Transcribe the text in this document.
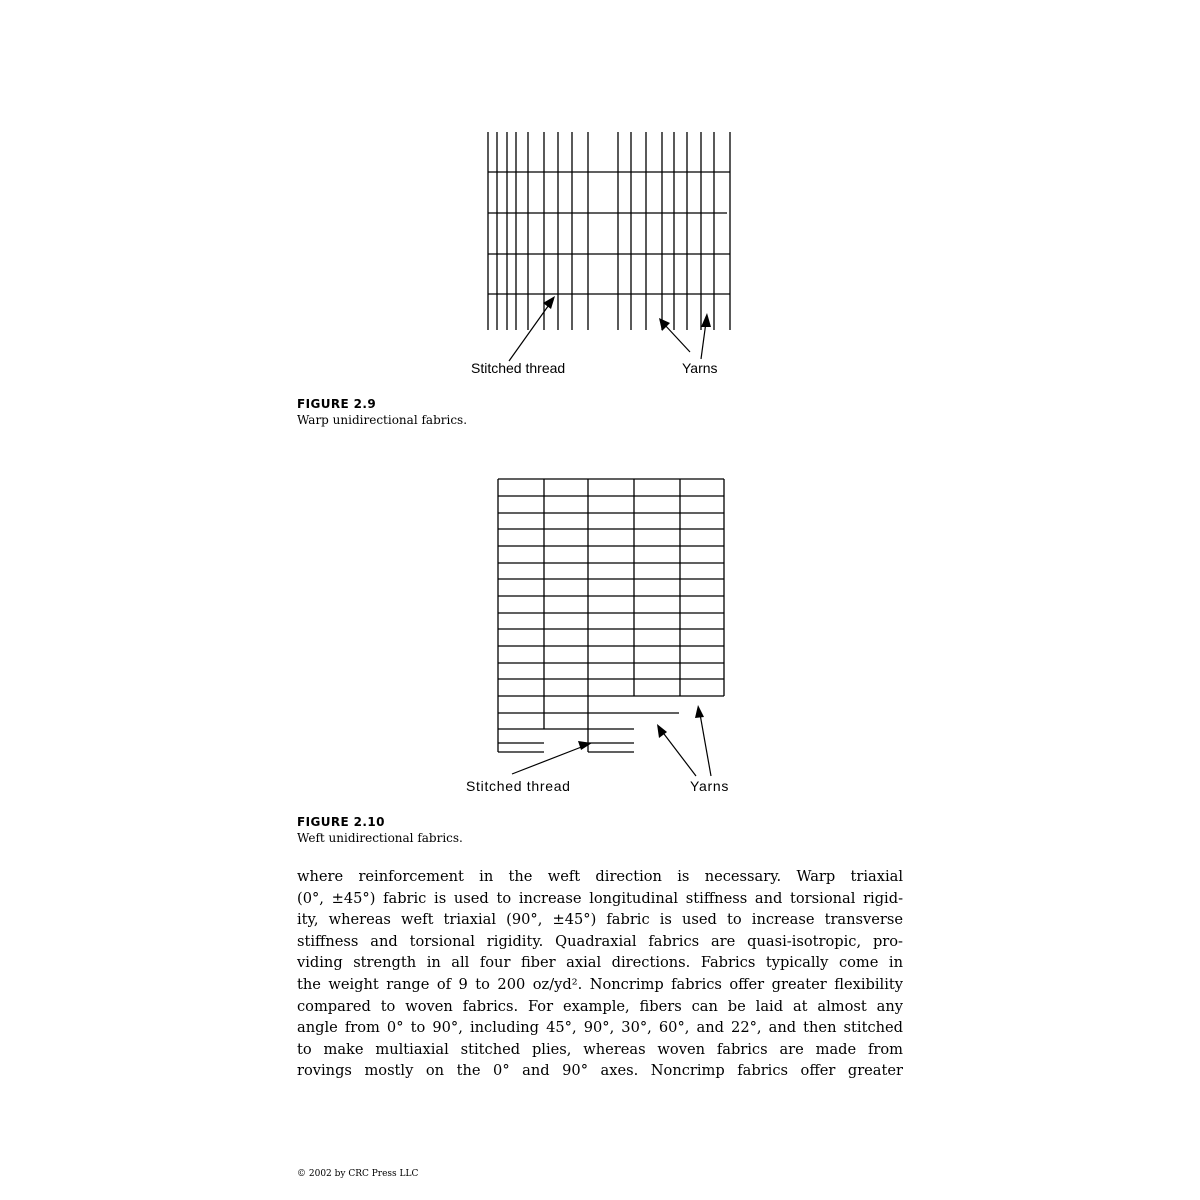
Stitched thread	Yarns
FIGURE 2.9
Warp unidirectional fabrics.
Stitched thread	Yarns
FIGURE 2.10
Weft unidirectional fabrics.
where reinforcement in the weft direction is necessary. Warp triaxial
(0°, ±45°) fabric is used to increase longitudinal stiffness and torsional rigid-
ity, whereas weft triaxial (90°, ±45°) fabric is used to increase transverse
stiffness and torsional rigidity. Quadraxial fabrics are quasi-isotropic, pro-
viding strength in all four fiber axial directions. Fabrics typically come in
the weight range of 9 to 200 oz/yd². Noncrimp fabrics offer greater flexibility
compared to woven fabrics. For example, fibers can be laid at almost any
angle from 0° to 90°, including 45°, 90°, 30°, 60°, and 22°, and then stitched
to make multiaxial stitched plies, whereas woven fabrics are made from
rovings mostly on the 0° and 90° axes. Noncrimp fabrics offer greater
© 2002 by CRC Press LLC
